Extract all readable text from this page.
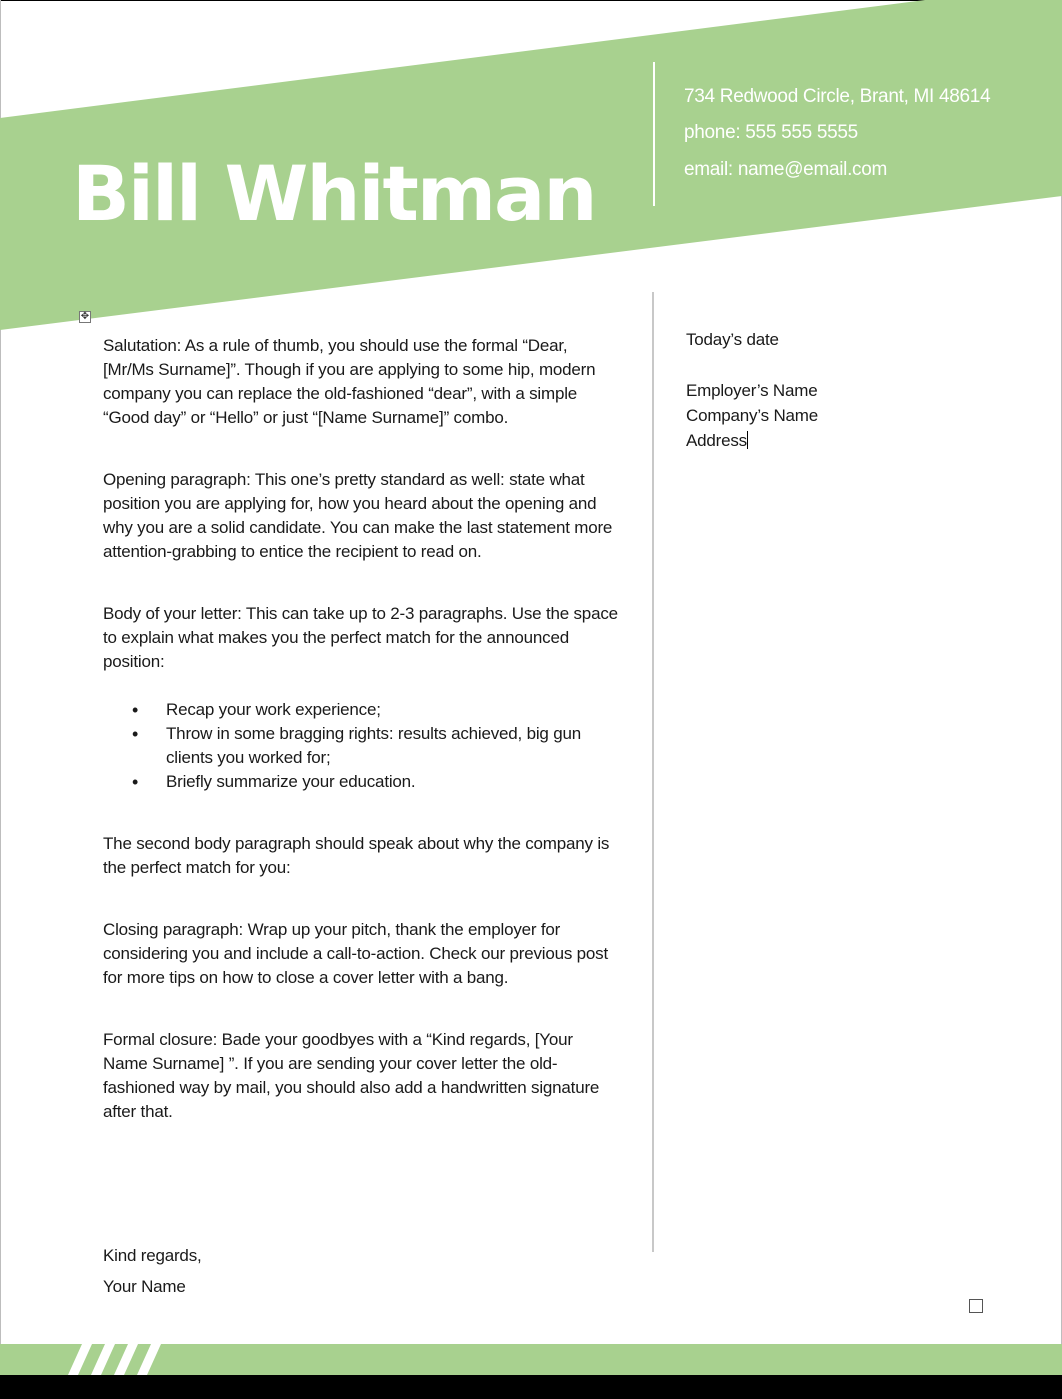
Bill Whitman
734 Redwood Circle, Brant, MI 48614
phone: 555 555 5555
email: name@email.com
✥

Salutation: As a rule of thumb, you should use the formal “Dear, [Mr/Ms Surname]”. Though if you are applying to some hip, modern company you can replace the old-fashioned “dear”, with a simple “Good day” or “Hello” or just “[Name Surname]” combo.

Opening paragraph: This one’s pretty standard as well: state what position you are applying for, how you heard about the opening and why you are a solid candidate. You can make the last statement more attention-grabbing to entice the recipient to read on.

Body of your letter: This can take up to 2-3 paragraphs. Use the space to explain what makes you the perfect match for the announced position:

• Recap your work experience;
• Throw in some bragging rights: results achieved, big gun clients you worked for;
• Briefly summarize your education.

The second body paragraph should speak about why the company is the perfect match for you:

Closing paragraph: Wrap up your pitch, thank the employer for considering you and include a call-to-action. Check our previous post for more tips on how to close a cover letter with a bang.

Formal closure: Bade your goodbyes with a “Kind regards, [Your Name Surname] ”. If you are sending your cover letter the old-fashioned way by mail, you should also add a handwritten signature after that.

Kind regards,
Your Name
Today’s date
Employer’s Name
Company’s Name
Address
